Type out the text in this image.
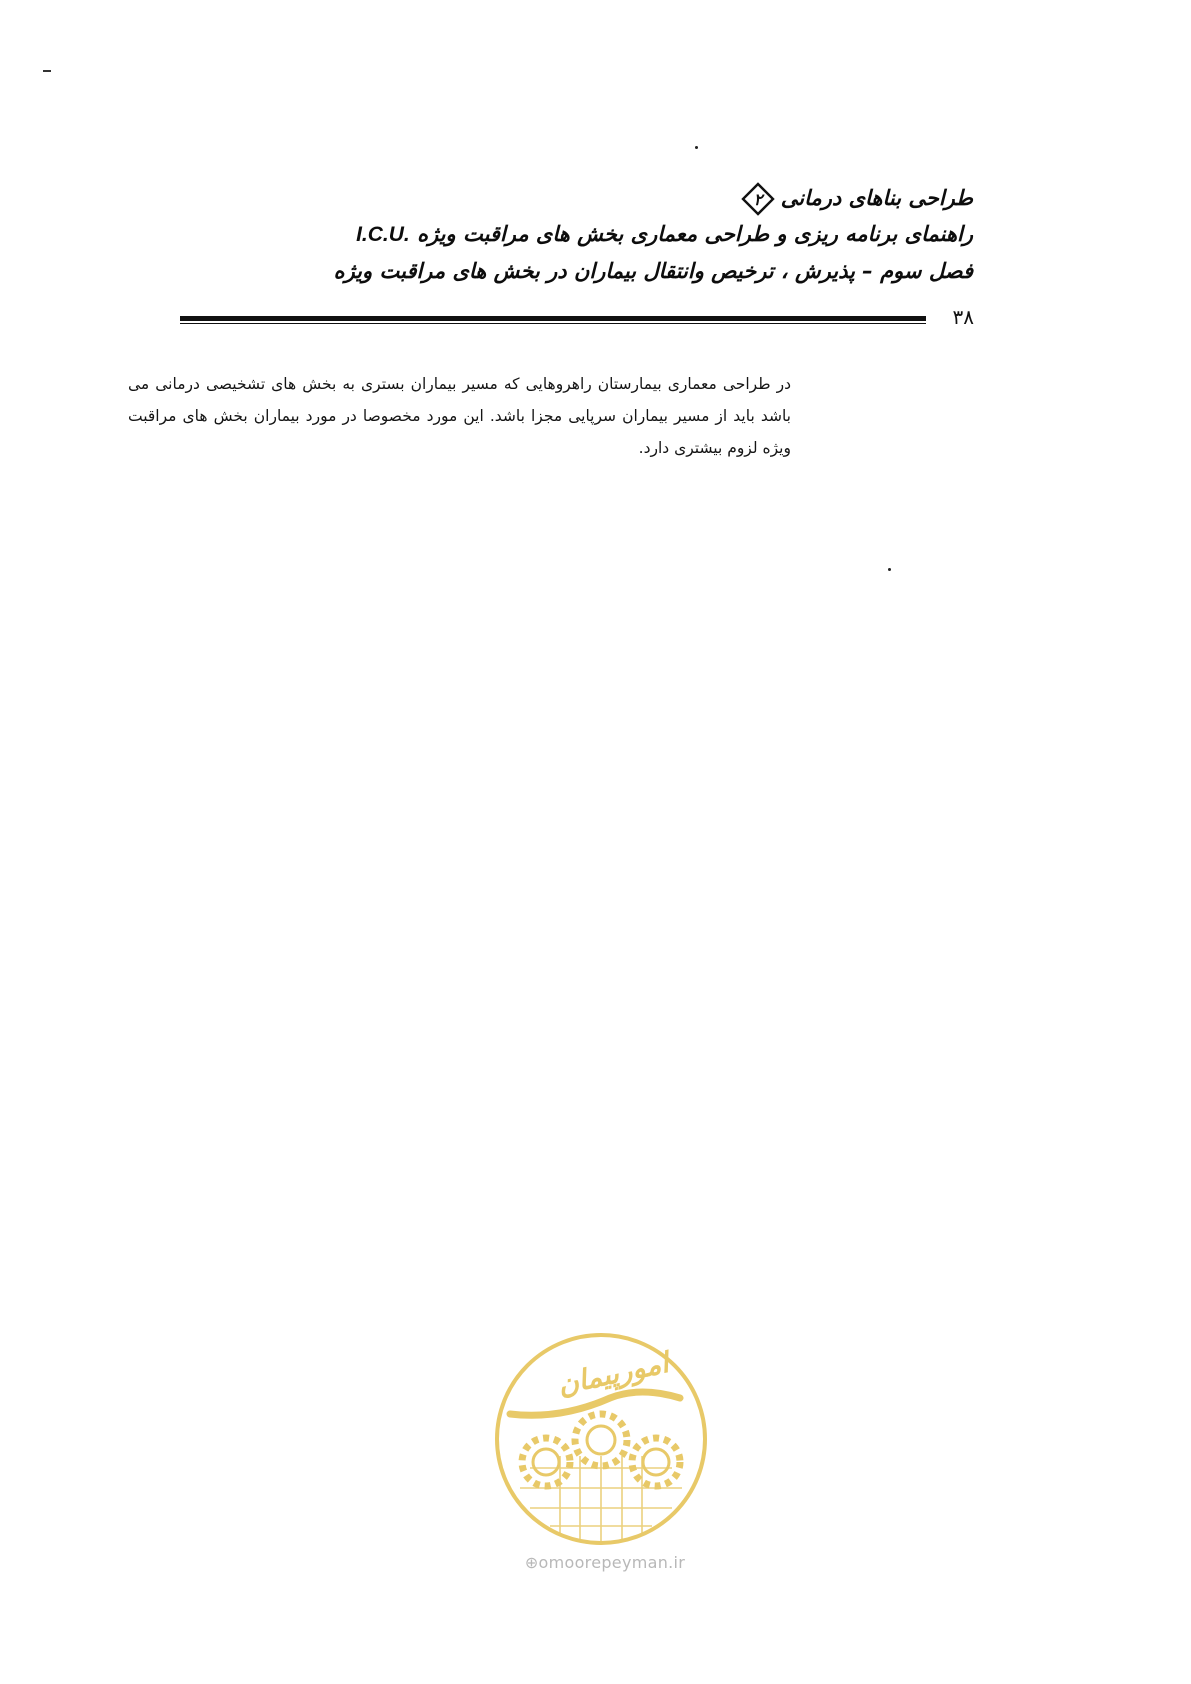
طراحی بناهای درمانی
۲
راهنمای برنامه ریزی و طراحی معماری بخش های مراقبت ویژه I.C.U.
فصل سوم – پذیرش ، ترخیص وانتقال بیماران در بخش های مراقبت ویژه
۳۸
در طراحی معماری بیمارستان راهروهایی که مسیر بیماران بستری به بخش های تشخیصی درمانی می باشد باید از مسیر بیماران سرپایی مجزا باشد. این مورد مخصوصا در مورد بیماران بخش های مراقبت ویژه لزوم بیشتری دارد.
امورپیمان
⊕omoorepeyman.ir
